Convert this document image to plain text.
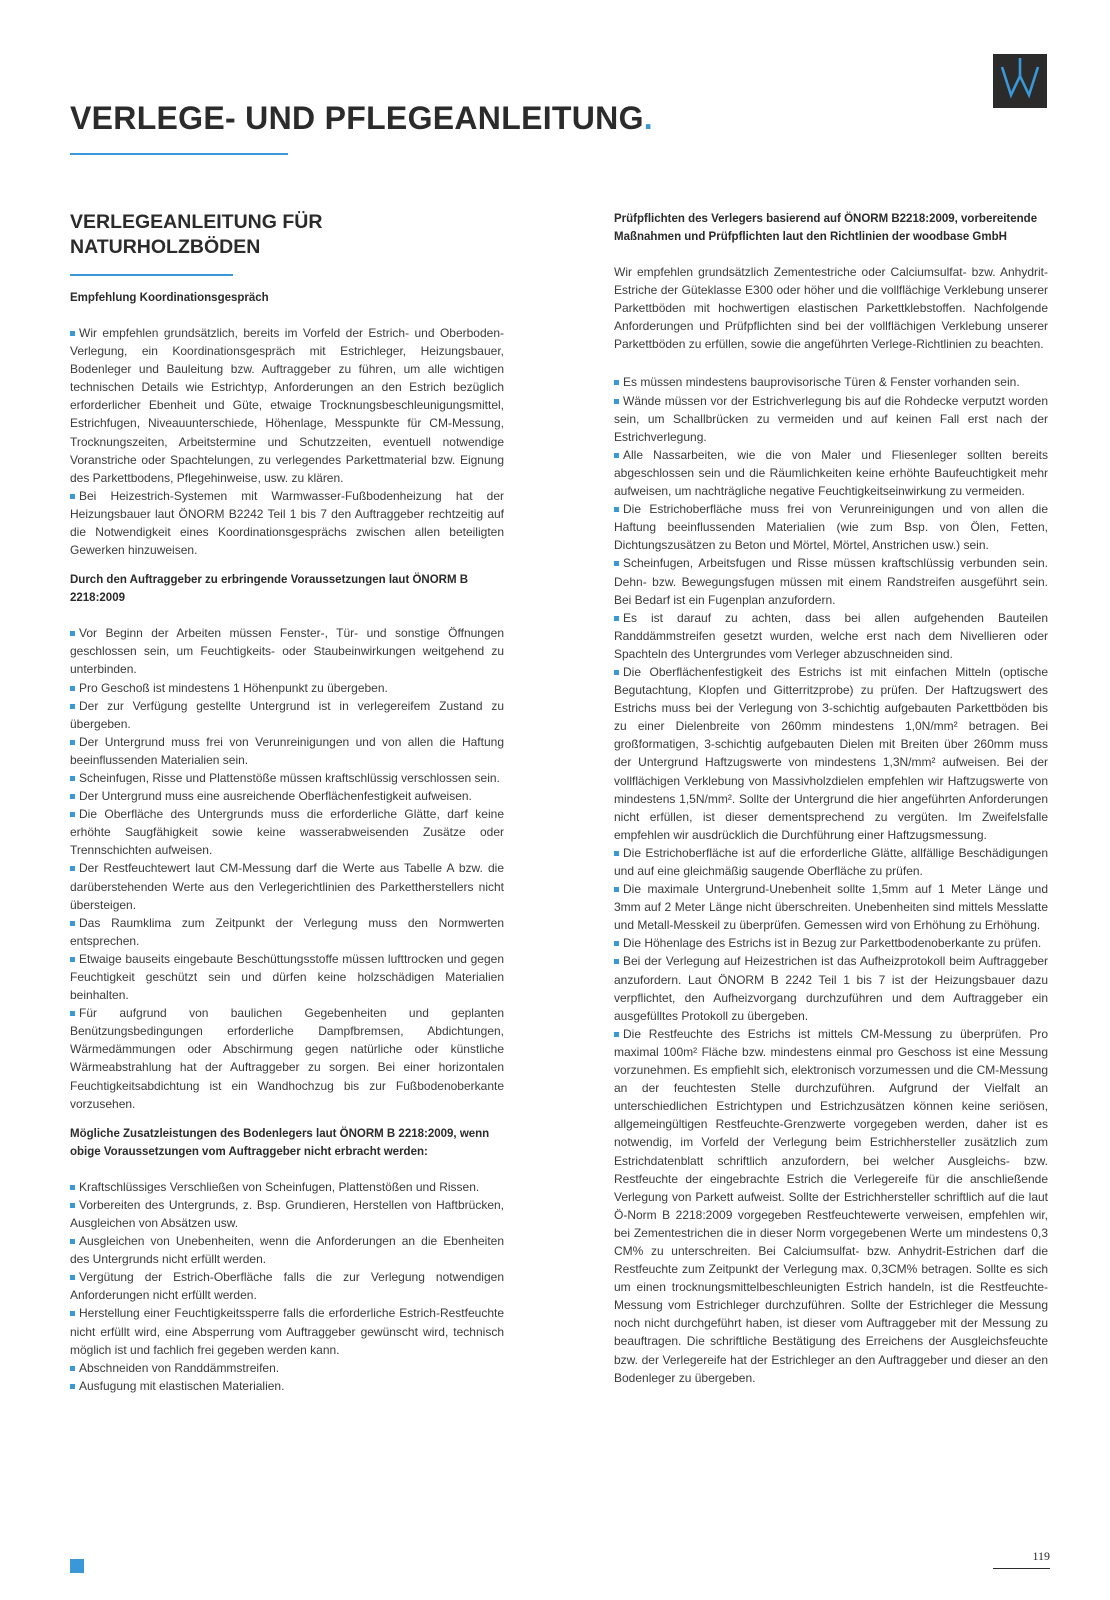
VERLEGE- UND PFLEGEANLEITUNG.
VERLEGEANLEITUNG FÜR
NATURHOLZBÖDEN

Empfehlung Koordinationsgespräch

Wir empfehlen grundsätzlich, bereits im Vorfeld der Estrich- und Oberboden-Verlegung, ein Koordinationsgespräch mit Estrichleger, Heizungsbauer, Bodenleger und Bauleitung bzw. Auftraggeber zu führen, um alle wichtigen technischen Details wie Estrichtyp, Anforderungen an den Estrich bezüglich erforderlicher Ebenheit und Güte, etwaige Trocknungsbeschleunigungsmittel, Estrichfugen, Niveauunterschiede, Höhenlage, Messpunkte für CM-Messung, Trocknungszeiten, Arbeitstermine und Schutzzeiten, eventuell notwendige Voranstriche oder Spachtelungen, zu verlegendes Parkettmaterial bzw. Eignung des Parkettbodens, Pflegehinweise, usw. zu klären.
Bei Heizestrich-Systemen mit Warmwasser-Fußbodenheizung hat der Heizungsbauer laut ÖNORM B2242 Teil 1 bis 7 den Auftraggeber rechtzeitig auf die Notwendigkeit eines Koordinationsgesprächs zwischen allen beteiligten Gewerken hinzuweisen.

Durch den Auftraggeber zu erbringende Voraussetzungen laut ÖNORM B 2218:2009

Vor Beginn der Arbeiten müssen Fenster-, Tür- und sonstige Öffnungen geschlossen sein, um Feuchtigkeits- oder Staubeinwirkungen weitgehend zu unterbinden.
Pro Geschoß ist mindestens 1 Höhenpunkt zu übergeben.
Der zur Verfügung gestellte Untergrund ist in verlegereifem Zustand zu übergeben.
Der Untergrund muss frei von Verunreinigungen und von allen die Haftung beeinflussenden Materialien sein.
Scheinfugen, Risse und Plattenstöße müssen kraftschlüssig verschlossen sein.
Der Untergrund muss eine ausreichende Oberflächenfestigkeit aufweisen.
Die Oberfläche des Untergrunds muss die erforderliche Glätte, darf keine erhöhte Saugfähigkeit sowie keine wasserabweisenden Zusätze oder Trennschichten aufweisen.
Der Restfeuchtewert laut CM-Messung darf die Werte aus Tabelle A bzw. die darüberstehenden Werte aus den Verlegerichtlinien des Parkettherstellers nicht übersteigen.
Das Raumklima zum Zeitpunkt der Verlegung muss den Normwerten entsprechen.
Etwaige bauseits eingebaute Beschüttungsstoffe müssen lufttrocken und gegen Feuchtigkeit geschützt sein und dürfen keine holzschädigen Materialien beinhalten.
Für aufgrund von baulichen Gegebenheiten und geplanten Benützungsbedingungen erforderliche Dampfbremsen, Abdichtungen, Wärmedämmungen oder Abschirmung gegen natürliche oder künstliche Wärmeabstrahlung hat der Auftraggeber zu sorgen. Bei einer horizontalen Feuchtigkeitsabdichtung ist ein Wandhochzug bis zur Fußbodenoberkante vorzusehen.

Mögliche Zusatzleistungen des Bodenlegers laut ÖNORM B 2218:2009, wenn obige Voraussetzungen vom Auftraggeber nicht erbracht werden:

Kraftschlüssiges Verschließen von Scheinfugen, Plattenstößen und Rissen.
Vorbereiten des Untergrunds, z. Bsp. Grundieren, Herstellen von Haftbrücken, Ausgleichen von Absätzen usw.
Ausgleichen von Unebenheiten, wenn die Anforderungen an die Ebenheiten des Untergrunds nicht erfüllt werden.
Vergütung der Estrich-Oberfläche falls die zur Verlegung notwendigen Anforderungen nicht erfüllt werden.
Herstellung einer Feuchtigkeitssperre falls die erforderliche Estrich-Restfeuchte nicht erfüllt wird, eine Absperrung vom Auftraggeber gewünscht wird, technisch möglich ist und fachlich frei gegeben werden kann.
Abschneiden von Randdämmstreifen.
Ausfugung mit elastischen Materialien.

Prüfpflichten des Verlegers basierend auf ÖNORM B2218:2009, vorbereitende Maßnahmen und Prüfpflichten laut den Richtlinien der woodbase GmbH

Wir empfehlen grundsätzlich Zementestriche oder Calciumsulfat- bzw. Anhydrit-Estriche der Güteklasse E300 oder höher und die vollflächige Verklebung unserer Parkettböden mit hochwertigen elastischen Parkettklebstoffen. Nachfolgende Anforderungen und Prüfpflichten sind bei der vollflächigen Verklebung unserer Parkettböden zu erfüllen, sowie die angeführten Verlege-Richtlinien zu beachten.

Es müssen mindestens bauprovisorische Türen & Fenster vorhanden sein.
Wände müssen vor der Estrichverlegung bis auf die Rohdecke verputzt worden sein, um Schallbrücken zu vermeiden und auf keinen Fall erst nach der Estrichverlegung.
Alle Nassarbeiten, wie die von Maler und Fliesenleger sollten bereits abgeschlossen sein und die Räumlichkeiten keine erhöhte Baufeuchtigkeit mehr aufweisen, um nachträgliche negative Feuchtigkeitseinwirkung zu vermeiden.
Die Estrichoberfläche muss frei von Verunreinigungen und von allen die Haftung beeinflussenden Materialien (wie zum Bsp. von Ölen, Fetten, Dichtungszusätzen zu Beton und Mörtel, Mörtel, Anstrichen usw.) sein.
Scheinfugen, Arbeitsfugen und Risse müssen kraftschlüssig verbunden sein. Dehn- bzw. Bewegungsfugen müssen mit einem Randstreifen ausgeführt sein. Bei Bedarf ist ein Fugenplan anzufordern.
Es ist darauf zu achten, dass bei allen aufgehenden Bauteilen Randdämmstreifen gesetzt wurden, welche erst nach dem Nivellieren oder Spachteln des Untergrundes vom Verleger abzuschneiden sind.
Die Oberflächenfestigkeit des Estrichs ist mit einfachen Mitteln (optische Begutachtung, Klopfen und Gitterritzprobe) zu prüfen. Der Haftzugswert des Estrichs muss bei der Verlegung von 3-schichtig aufgebauten Parkettböden bis zu einer Dielenbreite von 260mm mindestens 1,0N/mm² betragen. Bei großformatigen, 3-schichtig aufgebauten Dielen mit Breiten über 260mm muss der Untergrund Haftzugswerte von mindestens 1,3N/mm² aufweisen. Bei der vollflächigen Verklebung von Massivholzdielen empfehlen wir Haftzugswerte von mindestens 1,5N/mm². Sollte der Untergrund die hier angeführten Anforderungen nicht erfüllen, ist dieser dementsprechend zu vergüten. Im Zweifelsfalle empfehlen wir ausdrücklich die Durchführung einer Haftzugsmessung.
Die Estrichoberfläche ist auf die erforderliche Glätte, allfällige Beschädigungen und auf eine gleichmäßig saugende Oberfläche zu prüfen.
Die maximale Untergrund-Unebenheit sollte 1,5mm auf 1 Meter Länge und 3mm auf 2 Meter Länge nicht überschreiten. Unebenheiten sind mittels Messlatte und Metall-Messkeil zu überprüfen. Gemessen wird von Erhöhung zu Erhöhung.
Die Höhenlage des Estrichs ist in Bezug zur Parkettbodenoberkante zu prüfen.
Bei der Verlegung auf Heizestrichen ist das Aufheizprotokoll beim Auftraggeber anzufordern. Laut ÖNORM B 2242 Teil 1 bis 7 ist der Heizungsbauer dazu verpflichtet, den Aufheizvorgang durchzuführen und dem Auftraggeber ein ausgefülltes Protokoll zu übergeben.
Die Restfeuchte des Estrichs ist mittels CM-Messung zu überprüfen. Pro maximal 100m² Fläche bzw. mindestens einmal pro Geschoss ist eine Messung vorzunehmen. Es empfiehlt sich, elektronisch vorzumessen und die CM-Messung an der feuchtesten Stelle durchzuführen. Aufgrund der Vielfalt an unterschiedlichen Estrichtypen und Estrichzusätzen können keine seriösen, allgemeingültigen Restfeuchte-Grenzwerte vorgegeben werden, daher ist es notwendig, im Vorfeld der Verlegung beim Estrichhersteller zusätzlich zum Estrichdatenblatt schriftlich anzufordern, bei welcher Ausgleichs- bzw. Restfeuchte der eingebrachte Estrich die Verlegereife für die anschließende Verlegung von Parkett aufweist. Sollte der Estrichhersteller schriftlich auf die laut Ö-Norm B 2218:2009 vorgegeben Restfeuchtewerte verweisen, empfehlen wir, bei Zementestrichen die in dieser Norm vorgegebenen Werte um mindestens 0,3 CM% zu unterschreiten. Bei Calciumsulfat- bzw. Anhydrit-Estrichen darf die Restfeuchte zum Zeitpunkt der Verlegung max. 0,3CM% betragen. Sollte es sich um einen trocknungsmittelbeschleunigten Estrich handeln, ist die Restfeuchte-Messung vom Estrichleger durchzuführen. Sollte der Estrichleger die Messung noch nicht durchgeführt haben, ist dieser vom Auftraggeber mit der Messung zu beauftragen. Die schriftliche Bestätigung des Erreichens der Ausgleichsfeuchte bzw. der Verlegereife hat der Estrichleger an den Auftraggeber und dieser an den Bodenleger zu übergeben.
119
